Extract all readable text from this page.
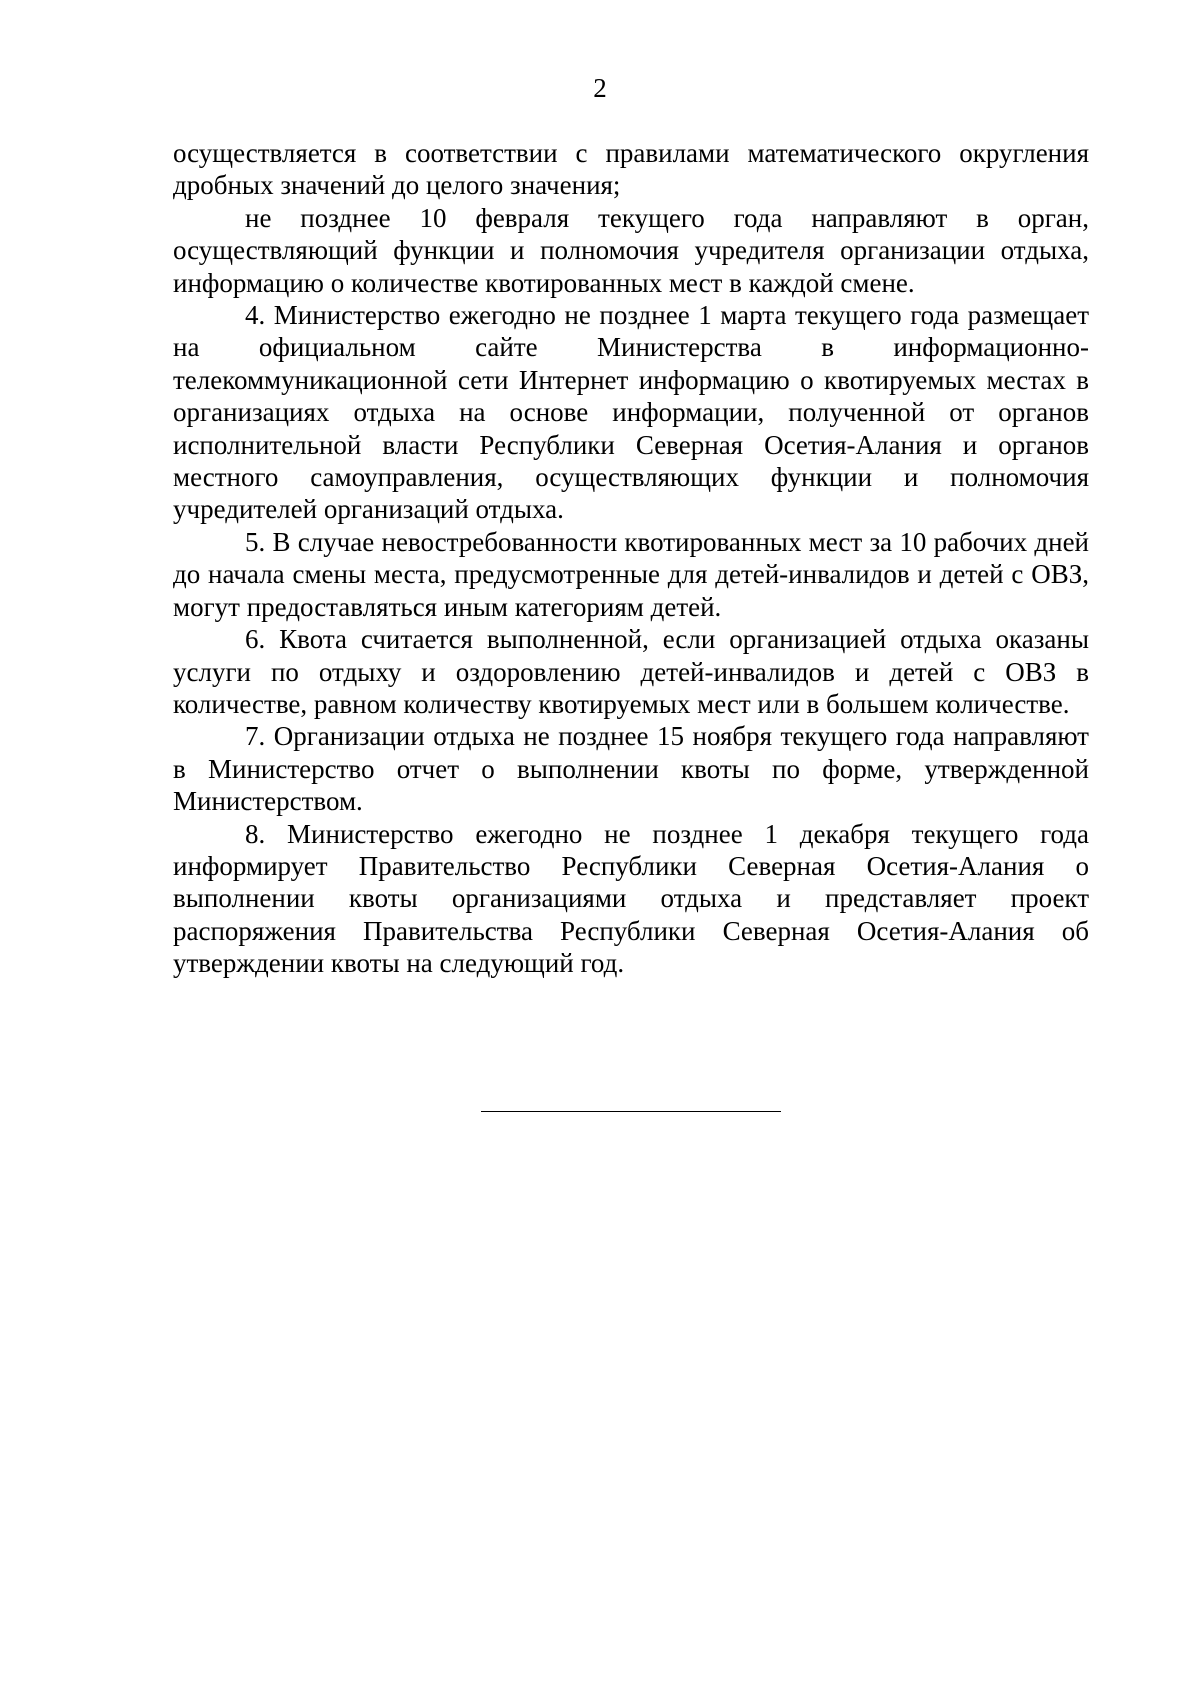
2

осуществляется в соответствии с правилами математического округления дробных значений до целого значения;

не позднее 10 февраля текущего года направляют в орган, осуществляющий функции и полномочия учредителя организации отдыха, информацию о количестве квотированных мест в каждой смене.

4. Министерство ежегодно не позднее 1 марта текущего года размещает на официальном сайте Министерства в информационно-телекоммуникационной сети Интернет информацию о квотируемых местах в организациях отдыха на основе информации, полученной от органов исполнительной власти Республики Северная Осетия-Алания и органов местного самоуправления, осуществляющих функции и полномочия учредителей организаций отдыха.

5. В случае невостребованности квотированных мест за 10 рабочих дней до начала смены места, предусмотренные для детей-инвалидов и детей с ОВЗ, могут предоставляться иным категориям детей.

6. Квота считается выполненной, если организацией отдыха оказаны услуги по отдыху и оздоровлению детей-инвалидов и детей с ОВЗ в количестве, равном количеству квотируемых мест или в большем количестве.

7. Организации отдыха не позднее 15 ноября текущего года направляют в Министерство отчет о выполнении квоты по форме, утвержденной Министерством.

8. Министерство ежегодно не позднее 1 декабря текущего года информирует Правительство Республики Северная Осетия-Алания о выполнении квоты организациями отдыха и представляет проект распоряжения Правительства Республики Северная Осетия-Алания об утверждении квоты на следующий год.
